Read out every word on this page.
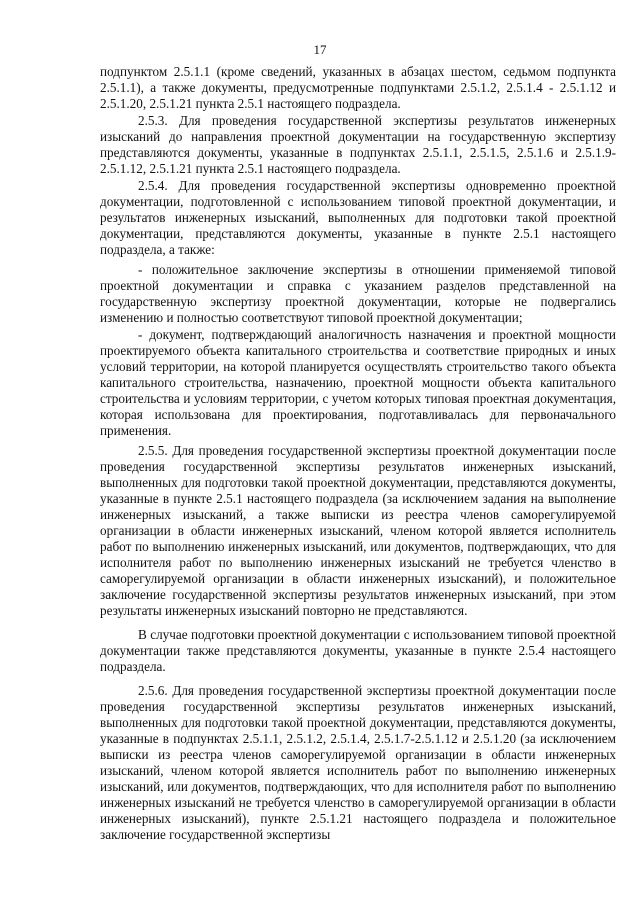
17

подпунктом 2.5.1.1 (кроме сведений, указанных в абзацах шестом, седьмом подпункта 2.5.1.1), а также документы, предусмотренные подпунктами 2.5.1.2, 2.5.1.4 - 2.5.1.12 и 2.5.1.20, 2.5.1.21 пункта 2.5.1 настоящего подраздела.

2.5.3. Для проведения государственной экспертизы результатов инженерных изысканий до направления проектной документации на государственную экспертизу представляются документы, указанные в подпунктах 2.5.1.1, 2.5.1.5, 2.5.1.6 и 2.5.1.9-2.5.1.12, 2.5.1.21 пункта 2.5.1 настоящего подраздела.

2.5.4. Для проведения государственной экспертизы одновременно проектной документации, подготовленной с использованием типовой проектной документации, и результатов инженерных изысканий, выполненных для подготовки такой проектной документации, представляются документы, указанные в пункте 2.5.1 настоящего подраздела, а также:

- положительное заключение экспертизы в отношении применяемой типовой проектной документации и справка с указанием разделов представленной на государственную экспертизу проектной документации, которые не подвергались изменению и полностью соответствуют типовой проектной документации;

- документ, подтверждающий аналогичность назначения и проектной мощности проектируемого объекта капитального строительства и соответствие природных и иных условий территории, на которой планируется осуществлять строительство такого объекта капитального строительства, назначению, проектной мощности объекта капитального строительства и условиям территории, с учетом которых типовая проектная документация, которая использована для проектирования, подготавливалась для первоначального применения.

2.5.5. Для проведения государственной экспертизы проектной документации после проведения государственной экспертизы результатов инженерных изысканий, выполненных для подготовки такой проектной документации, представляются документы, указанные в пункте 2.5.1 настоящего подраздела (за исключением задания на выполнение инженерных изысканий, а также выписки из реестра членов саморегулируемой организации в области инженерных изысканий, членом которой является исполнитель работ по выполнению инженерных изысканий, или документов, подтверждающих, что для исполнителя работ по выполнению инженерных изысканий не требуется членство в саморегулируемой организации в области инженерных изысканий), и положительное заключение государственной экспертизы результатов инженерных изысканий, при этом результаты инженерных изысканий повторно не представляются.

В случае подготовки проектной документации с использованием типовой проектной документации также представляются документы, указанные в пункте 2.5.4 настоящего подраздела.

2.5.6. Для проведения государственной экспертизы проектной документации после проведения государственной экспертизы результатов инженерных изысканий, выполненных для подготовки такой проектной документации, представляются документы, указанные в подпунктах 2.5.1.1, 2.5.1.2, 2.5.1.4, 2.5.1.7-2.5.1.12 и 2.5.1.20 (за исключением выписки из реестра членов саморегулируемой организации в области инженерных изысканий, членом которой является исполнитель работ по выполнению инженерных изысканий, или документов, подтверждающих, что для исполнителя работ по выполнению инженерных изысканий не требуется членство в саморегулируемой организации в области инженерных изысканий), пункте 2.5.1.21 настоящего подраздела и положительное заключение государственной экспертизы
